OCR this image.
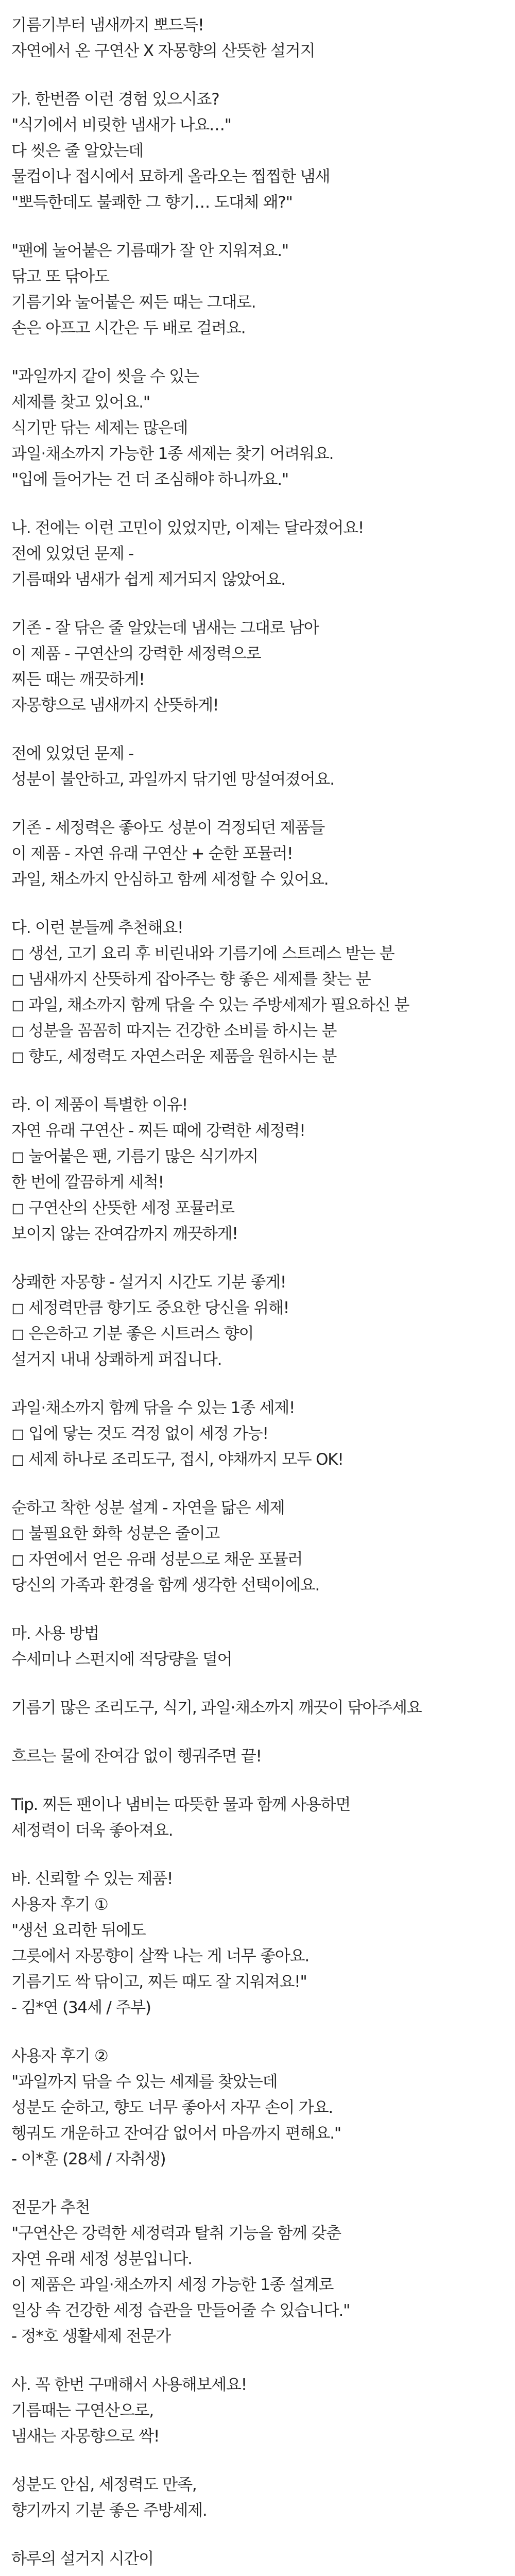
기름기부터 냄새까지 뽀드득!
자연에서 온 구연산 X 자몽향의 산뜻한 설거지
가. 한번쯤 이런 경험 있으시죠?
"식기에서 비릿한 냄새가 나요…"
다 씻은 줄 알았는데
물컵이나 접시에서 묘하게 올라오는 찝찝한 냄새
"뽀득한데도 불쾌한 그 향기… 도대체 왜?"
"팬에 눌어붙은 기름때가 잘 안 지워져요."
닦고 또 닦아도
기름기와 눌어붙은 찌든 때는 그대로.
손은 아프고 시간은 두 배로 걸려요.
"과일까지 같이 씻을 수 있는
세제를 찾고 있어요."
식기만 닦는 세제는 많은데
과일·채소까지 가능한 1종 세제는 찾기 어려워요.
"입에 들어가는 건 더 조심해야 하니까요."
나. 전에는 이런 고민이 있었지만, 이제는 달라졌어요!
전에 있었던 문제 -
기름때와 냄새가 쉽게 제거되지 않았어요.
기존 - 잘 닦은 줄 알았는데 냄새는 그대로 남아
이 제품 - 구연산의 강력한 세정력으로
찌든 때는 깨끗하게!
자몽향으로 냄새까지 산뜻하게!
전에 있었던 문제 -
성분이 불안하고, 과일까지 닦기엔 망설여졌어요.
기존 - 세정력은 좋아도 성분이 걱정되던 제품들
이 제품 - 자연 유래 구연산 + 순한 포뮬러!
과일, 채소까지 안심하고 함께 세정할 수 있어요.
다. 이런 분들께 추천해요!
◻ 생선, 고기 요리 후 비린내와 기름기에 스트레스 받는 분
◻ 냄새까지 산뜻하게 잡아주는 향 좋은 세제를 찾는 분
◻ 과일, 채소까지 함께 닦을 수 있는 주방세제가 필요하신 분
◻ 성분을 꼼꼼히 따지는 건강한 소비를 하시는 분
◻ 향도, 세정력도 자연스러운 제품을 원하시는 분
라. 이 제품이 특별한 이유!
자연 유래 구연산 - 찌든 때에 강력한 세정력!
◻ 눌어붙은 팬, 기름기 많은 식기까지
한 번에 깔끔하게 세척!
◻ 구연산의 산뜻한 세정 포뮬러로
보이지 않는 잔여감까지 깨끗하게!
상쾌한 자몽향 - 설거지 시간도 기분 좋게!
◻ 세정력만큼 향기도 중요한 당신을 위해!
◻ 은은하고 기분 좋은 시트러스 향이
설거지 내내 상쾌하게 퍼집니다.
과일·채소까지 함께 닦을 수 있는 1종 세제!
◻ 입에 닿는 것도 걱정 없이 세정 가능!
◻ 세제 하나로 조리도구, 접시, 야채까지 모두 OK!
순하고 착한 성분 설계 - 자연을 닮은 세제
◻ 불필요한 화학 성분은 줄이고
◻ 자연에서 얻은 유래 성분으로 채운 포뮬러
당신의 가족과 환경을 함께 생각한 선택이에요.
마. 사용 방법
수세미나 스펀지에 적당량을 덜어
기름기 많은 조리도구, 식기, 과일·채소까지 깨끗이 닦아주세요
흐르는 물에 잔여감 없이 헹궈주면 끝!
Tip. 찌든 팬이나 냄비는 따뜻한 물과 함께 사용하면
세정력이 더욱 좋아져요.
바. 신뢰할 수 있는 제품!
사용자 후기 ①
"생선 요리한 뒤에도
그릇에서 자몽향이 살짝 나는 게 너무 좋아요.
기름기도 싹 닦이고, 찌든 때도 잘 지워져요!"
- 김*연 (34세 / 주부)
사용자 후기 ②
"과일까지 닦을 수 있는 세제를 찾았는데
성분도 순하고, 향도 너무 좋아서 자꾸 손이 가요.
헹궈도 개운하고 잔여감 없어서 마음까지 편해요."
- 이*훈 (28세 / 자취생)
전문가 추천
"구연산은 강력한 세정력과 탈취 기능을 함께 갖춘
자연 유래 세정 성분입니다.
이 제품은 과일·채소까지 세정 가능한 1종 설계로
일상 속 건강한 세정 습관을 만들어줄 수 있습니다."
- 정*호 생활세제 전문가
사. 꼭 한번 구매해서 사용해보세요!
기름때는 구연산으로,
냄새는 자몽향으로 싹!
성분도 안심, 세정력도 만족,
향기까지 기분 좋은 주방세제.
하루의 설거지 시간이
